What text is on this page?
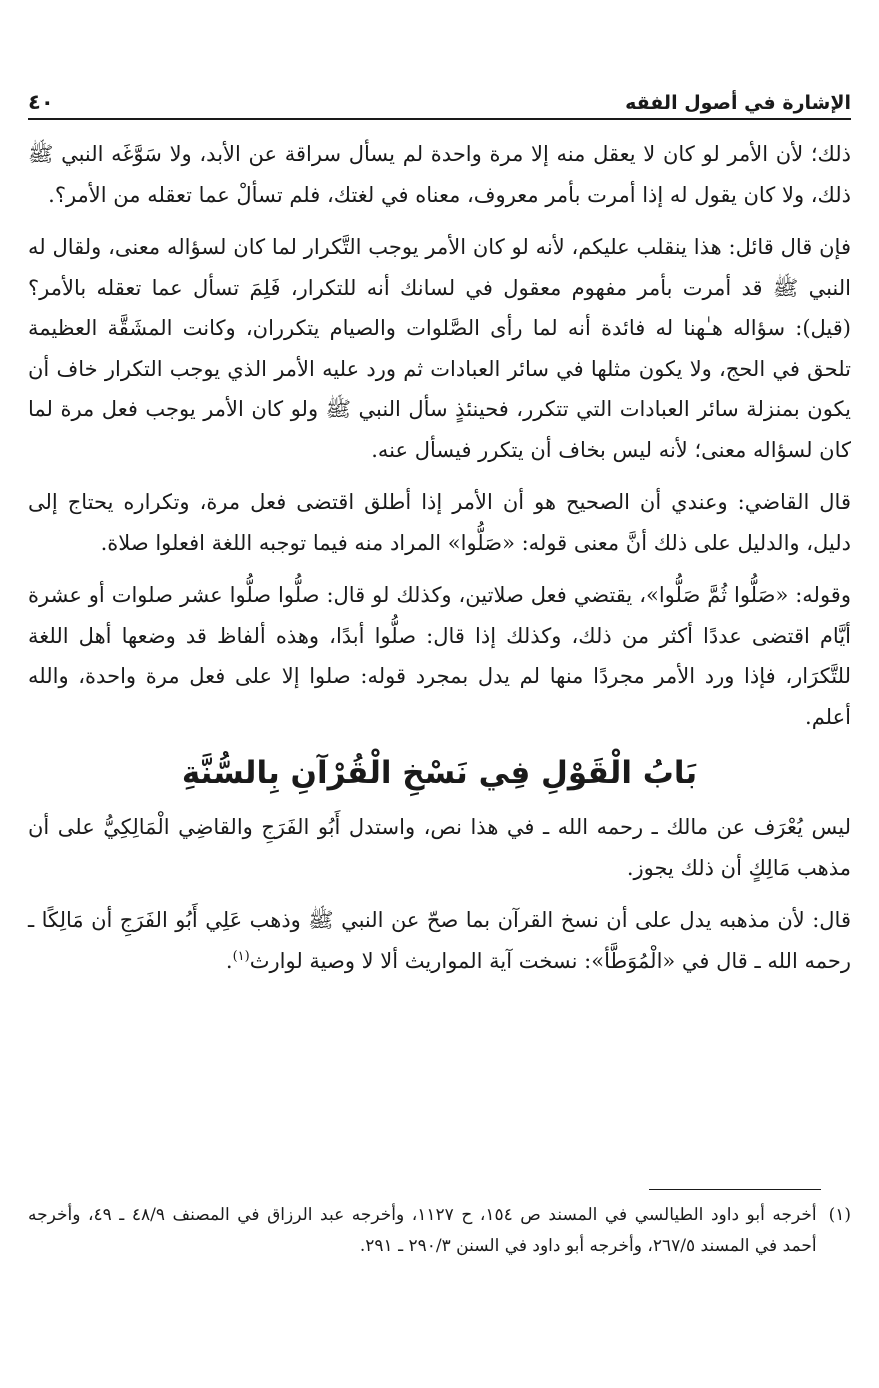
الإشارة في أصول الفقه
٤٠

ذلك؛ لأن الأمر لو كان لا يعقل منه إلا مرة واحدة لم يسأل سراقة عن الأبد، ولا سَوَّغَه النبي ﷺ ذلك، ولا كان يقول له إذا أمرت بأمر معروف، معناه في لغتك، فلم تسألْ عما تعقله من الأمر؟.

فإن قال قائل: هذا ينقلب عليكم، لأنه لو كان الأمر يوجب التَّكرار لما كان لسؤاله معنى، ولقال له النبي ﷺ قد أمرت بأمر مفهوم معقول في لسانك أنه للتكرار، فَلِمَ تسأل عما تعقله بالأمر؟ (قيل): سؤاله هـٰهنا له فائدة أنه لما رأى الصَّلوات والصيام يتكرران، وكانت المشَقَّة العظيمة تلحق في الحج، ولا يكون مثلها في سائر العبادات ثم ورد عليه الأمر الذي يوجب التكرار خاف أن يكون بمنزلة سائر العبادات التي تتكرر، فحينئذٍ سأل النبي ﷺ ولو كان الأمر يوجب فعل مرة لما كان لسؤاله معنى؛ لأنه ليس بخاف أن يتكرر فيسأل عنه.

قال القاضي: وعندي أن الصحيح هو أن الأمر إذا أطلق اقتضى فعل مرة، وتكراره يحتاج إلى دليل، والدليل على ذلك أنَّ معنى قوله: «صَلُّوا» المراد منه فيما توجبه اللغة افعلوا صلاة.

وقوله: «صَلُّوا ثُمَّ صَلُّوا»، يقتضي فعل صلاتين، وكذلك لو قال: صلُّوا صلُّوا عشر صلوات أو عشرة أيَّام اقتضى عددًا أكثر من ذلك، وكذلك إذا قال: صلُّوا أبدًا، وهذه ألفاظ قد وضعها أهل اللغة للتَّكرَار، فإذا ورد الأمر مجردًا منها لم يدل بمجرد قوله: صلوا إلا على فعل مرة واحدة، والله أعلم.

بَابُ الْقَوْلِ فِي نَسْخِ الْقُرْآنِ بِالسُّنَّةِ

ليس يُعْرَف عن مالك ـ رحمه الله ـ في هذا نص، واستدل أَبُو الفَرَجِ والقاضِي الْمَالِكِيُّ على أن مذهب مَالِكٍ أن ذلك يجوز.

قال: لأن مذهبه يدل على أن نسخ القرآن بما صحّ عن النبي ﷺ وذهب عَلِي أَبُو الفَرَجِ أن مَالِكًا ـ رحمه الله ـ قال في «الْمُوَطَّأ»: نسخت آية المواريث ألا لا وصية لوارث$^{(١)}$.

(١)
أخرجه أبو داود الطيالسي في المسند ص ١٥٤، ح ١١٢٧، وأخرجه عبد الرزاق في المصنف ٤٨/٩ ـ ٤٩، وأخرجه أحمد في المسند ٢٦٧/٥، وأخرجه أبو داود في السنن ٢٩٠/٣ ـ ٢٩١.
